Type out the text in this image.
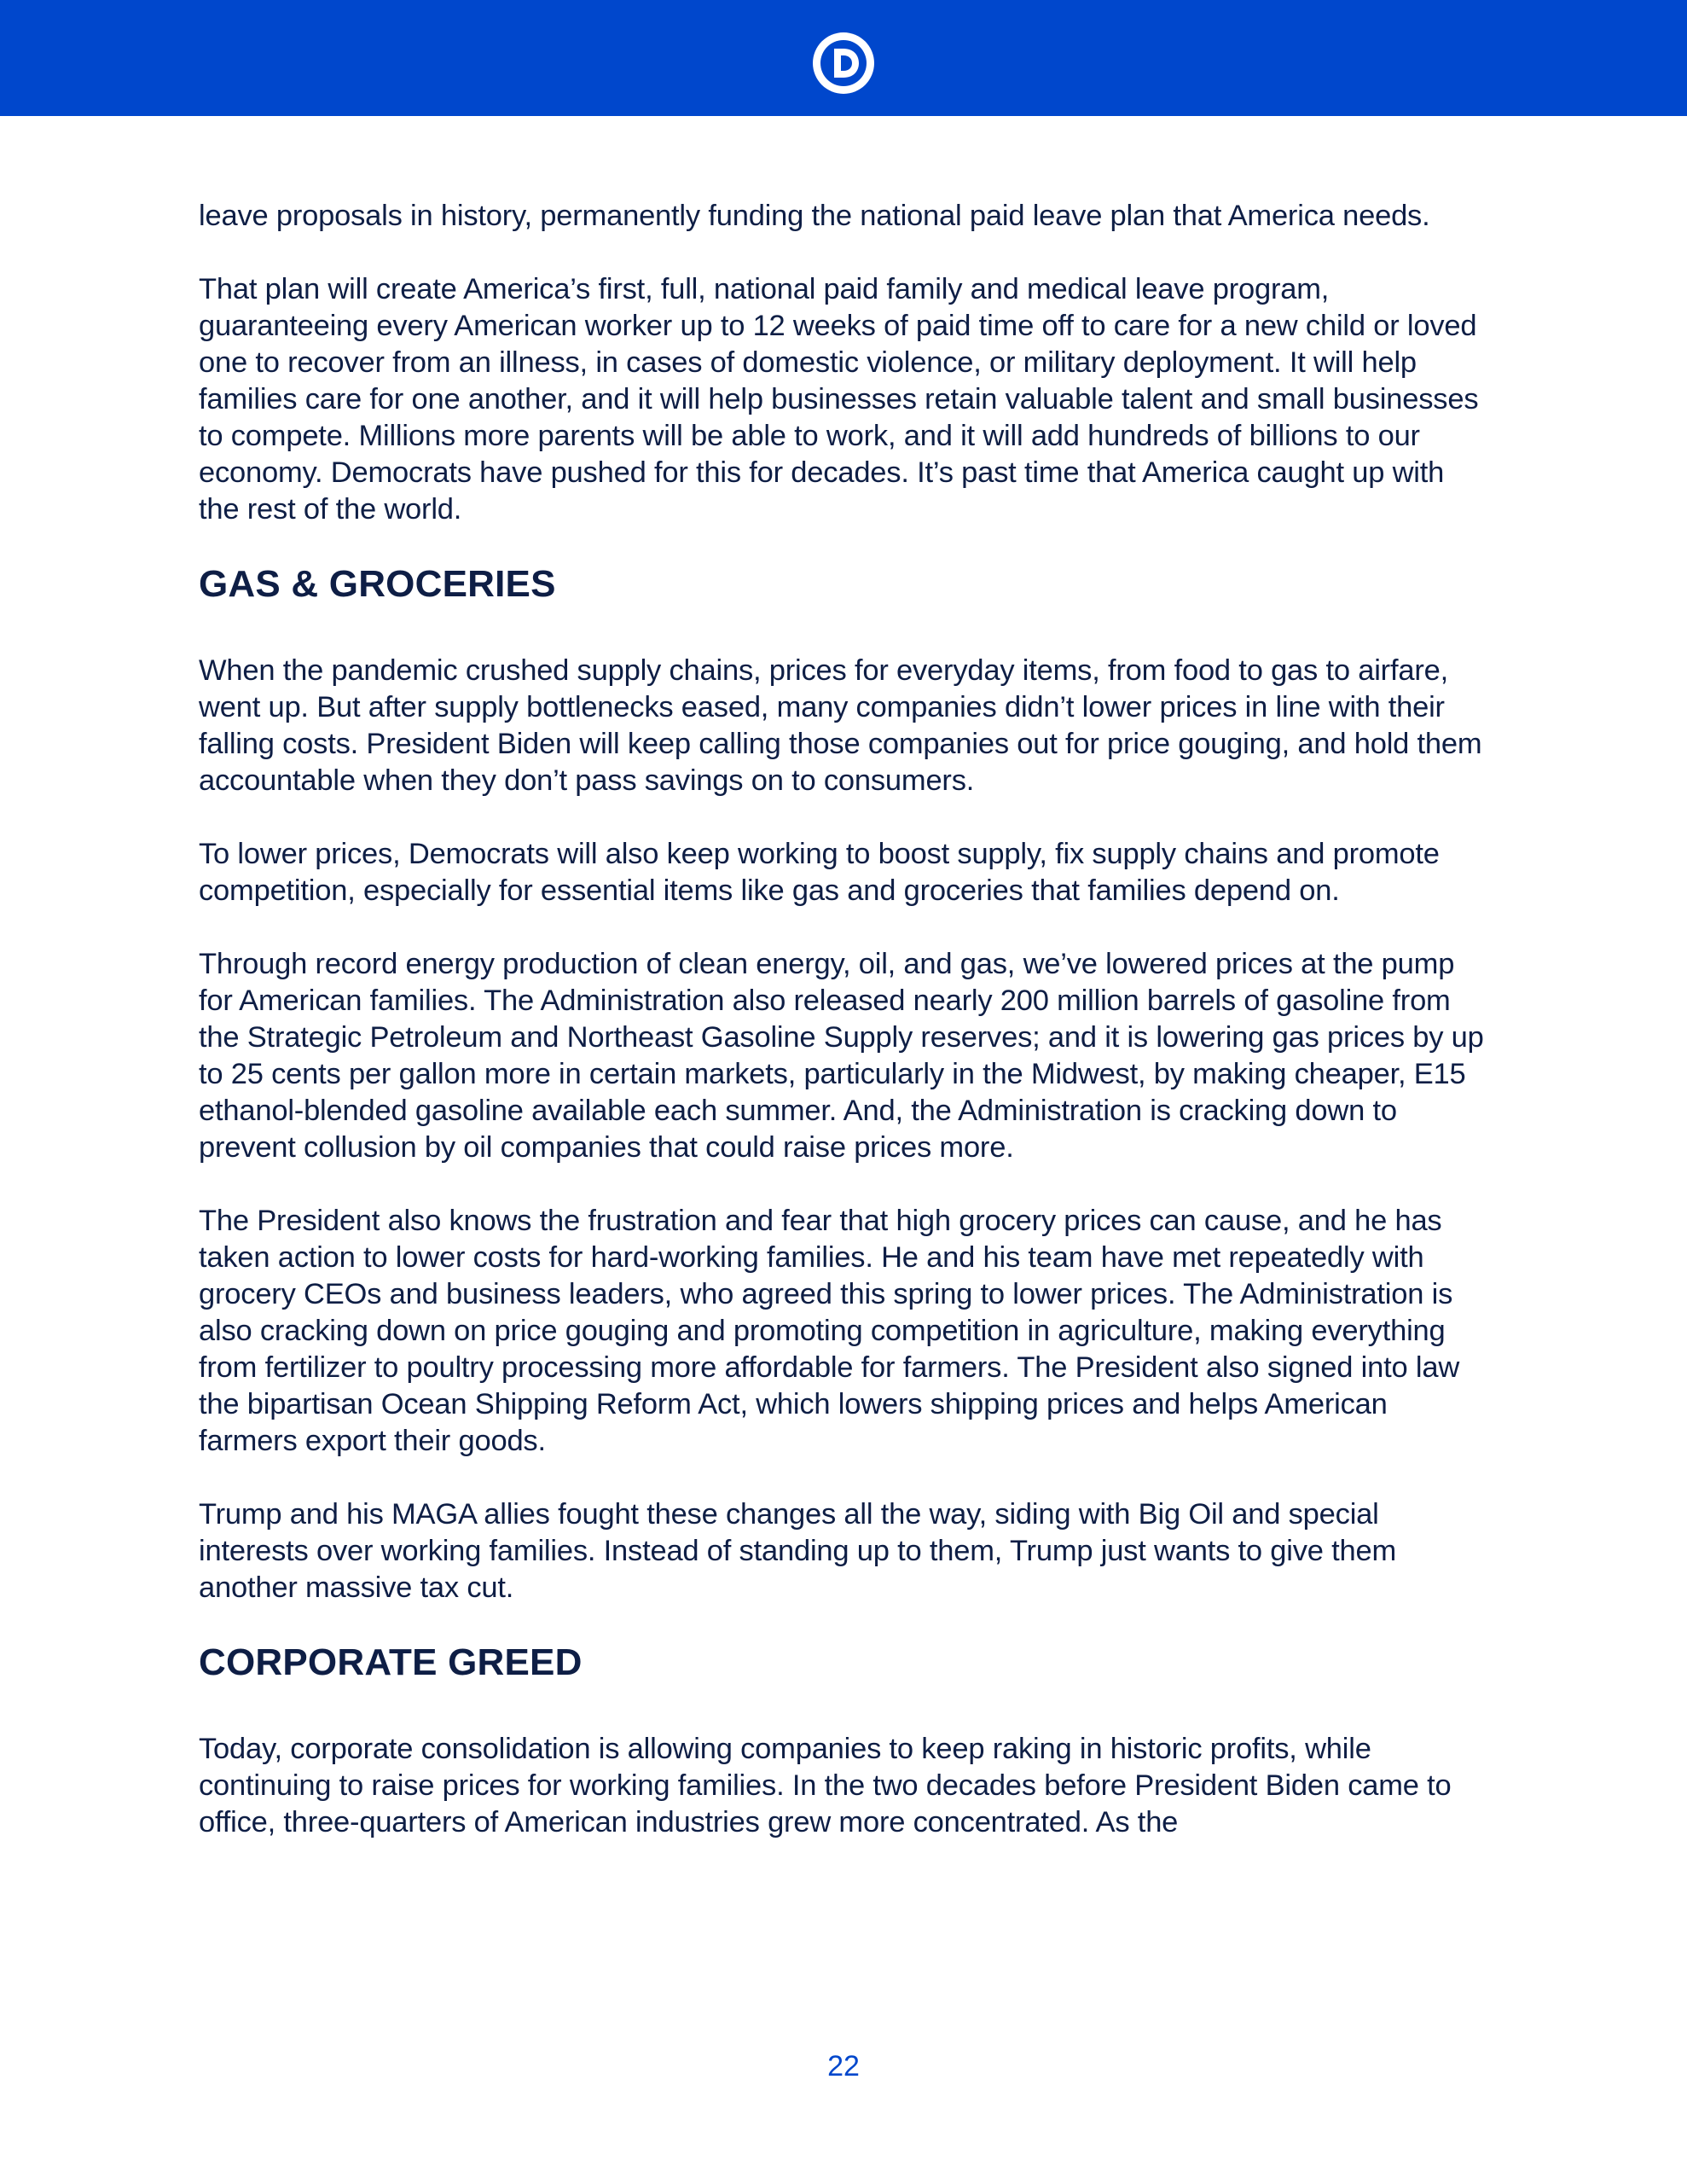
leave proposals in history, permanently funding the national paid leave plan that America needs.

That plan will create America’s first, full, national paid family and medical leave program, guaranteeing every American worker up to 12 weeks of paid time off to care for a new child or loved one to recover from an illness, in cases of domestic violence, or military deployment. It will help families care for one another, and it will help businesses retain valuable talent and small businesses to compete. Millions more parents will be able to work, and it will add hundreds of billions to our economy. Democrats have pushed for this for decades. It’s past time that America caught up with the rest of the world.

GAS & GROCERIES

When the pandemic crushed supply chains, prices for everyday items, from food to gas to airfare, went up. But after supply bottlenecks eased, many companies didn’t lower prices in line with their falling costs. President Biden will keep calling those companies out for price gouging, and hold them accountable when they don’t pass savings on to consumers.

To lower prices, Democrats will also keep working to boost supply, fix supply chains and promote competition, especially for essential items like gas and groceries that families depend on.

Through record energy production of clean energy, oil, and gas, we’ve lowered prices at the pump for American families. The Administration also released nearly 200 million barrels of gasoline from the Strategic Petroleum and Northeast Gasoline Supply reserves; and it is lowering gas prices by up to 25 cents per gallon more in certain markets, particularly in the Midwest, by making cheaper, E15 ethanol-blended gasoline available each summer. And, the Administration is cracking down to prevent collusion by oil companies that could raise prices more.

The President also knows the frustration and fear that high grocery prices can cause, and he has taken action to lower costs for hard-working families. He and his team have met repeatedly with grocery CEOs and business leaders, who agreed this spring to lower prices. The Administration is also cracking down on price gouging and promoting competition in agriculture, making everything from fertilizer to poultry processing more affordable for farmers. The President also signed into law the bipartisan Ocean Shipping Reform Act, which lowers shipping prices and helps American farmers export their goods.

Trump and his MAGA allies fought these changes all the way, siding with Big Oil and special interests over working families. Instead of standing up to them, Trump just wants to give them another massive tax cut.

CORPORATE GREED

Today, corporate consolidation is allowing companies to keep raking in historic profits, while continuing to raise prices for working families. In the two decades before President Biden came to office, three-quarters of American industries grew more concentrated. As the

22
